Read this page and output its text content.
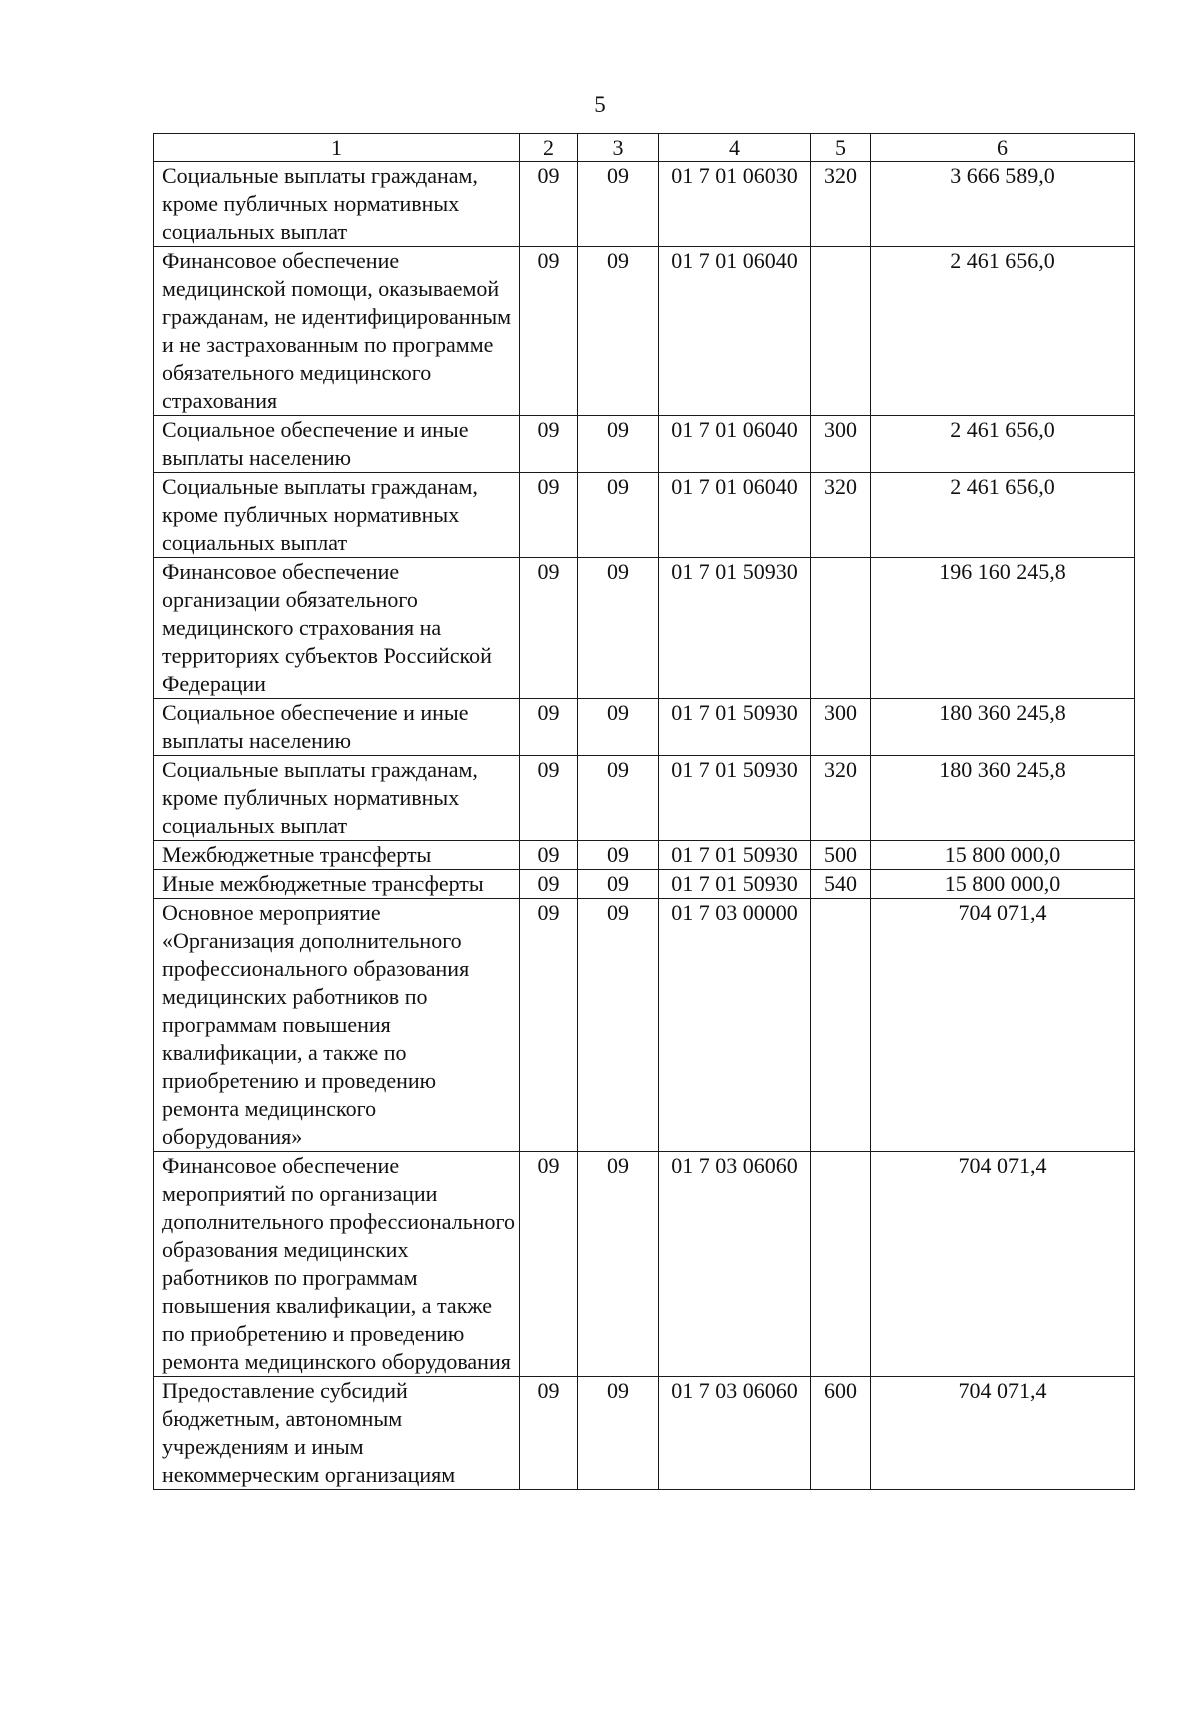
5
1	2	3	4	5	6
Социальные выплаты гражданам, кроме публичных нормативных социальных выплат	09	09	01 7 01 06030	320	3 666 589,0
Финансовое обеспечение медицинской помощи, оказываемой гражданам, не идентифицированным и не застрахованным по программе обязательного медицинского страхования	09	09	01 7 01 06040		2 461 656,0
Социальное обеспечение и иные выплаты населению	09	09	01 7 01 06040	300	2 461 656,0
Социальные выплаты гражданам, кроме публичных нормативных социальных выплат	09	09	01 7 01 06040	320	2 461 656,0
Финансовое обеспечение организации обязательного медицинского страхования на территориях субъектов Российской Федерации	09	09	01 7 01 50930		196 160 245,8
Социальное обеспечение и иные выплаты населению	09	09	01 7 01 50930	300	180 360 245,8
Социальные выплаты гражданам, кроме публичных нормативных социальных выплат	09	09	01 7 01 50930	320	180 360 245,8
Межбюджетные трансферты	09	09	01 7 01 50930	500	15 800 000,0
Иные межбюджетные трансферты	09	09	01 7 01 50930	540	15 800 000,0
Основное мероприятие «Организация дополнительного профессионального образования медицинских работников по программам повышения квалификации, а также по приобретению и проведению ремонта медицинского оборудования»	09	09	01 7 03 00000		704 071,4
Финансовое обеспечение мероприятий по организации дополнительного профессионального образования медицинских работников по программам повышения квалификации, а также по приобретению и проведению ремонта медицинского оборудования	09	09	01 7 03 06060		704 071,4
Предоставление субсидий бюджетным, автономным учреждениям и иным некоммерческим организациям	09	09	01 7 03 06060	600	704 071,4
